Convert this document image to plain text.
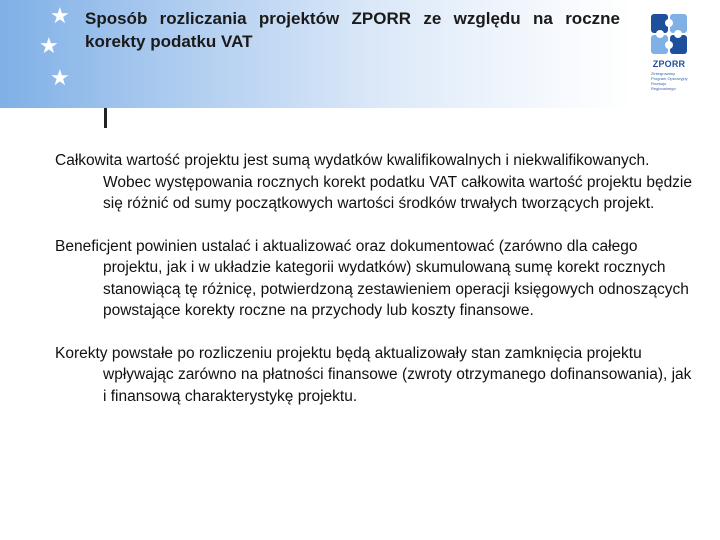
★
★
★
Sposób rozliczania projektów ZPORR ze względu na roczne korekty podatku VAT
ZPORR
Zintegrowany Program Operacyjny Rozwoju Regionalnego

Całkowita wartość projektu jest sumą wydatków kwalifikowalnych i niekwalifikowanych. Wobec występowania rocznych korekt podatku VAT całkowita wartość projektu będzie się różnić od sumy początkowych wartości środków trwałych tworzących projekt.

Beneficjent powinien ustalać i aktualizować oraz dokumentować (zarówno dla całego projektu, jak i w układzie kategorii wydatków) skumulowaną sumę korekt rocznych stanowiącą tę różnicę, potwierdzoną zestawieniem operacji księgowych odnoszących powstające korekty roczne na przychody lub koszty finansowe.

Korekty powstałe po rozliczeniu projektu będą aktualizowały stan zamknięcia projektu wpływając zarówno na płatności finansowe (zwroty otrzymanego dofinansowania), jak i finansową charakterystykę projektu.
